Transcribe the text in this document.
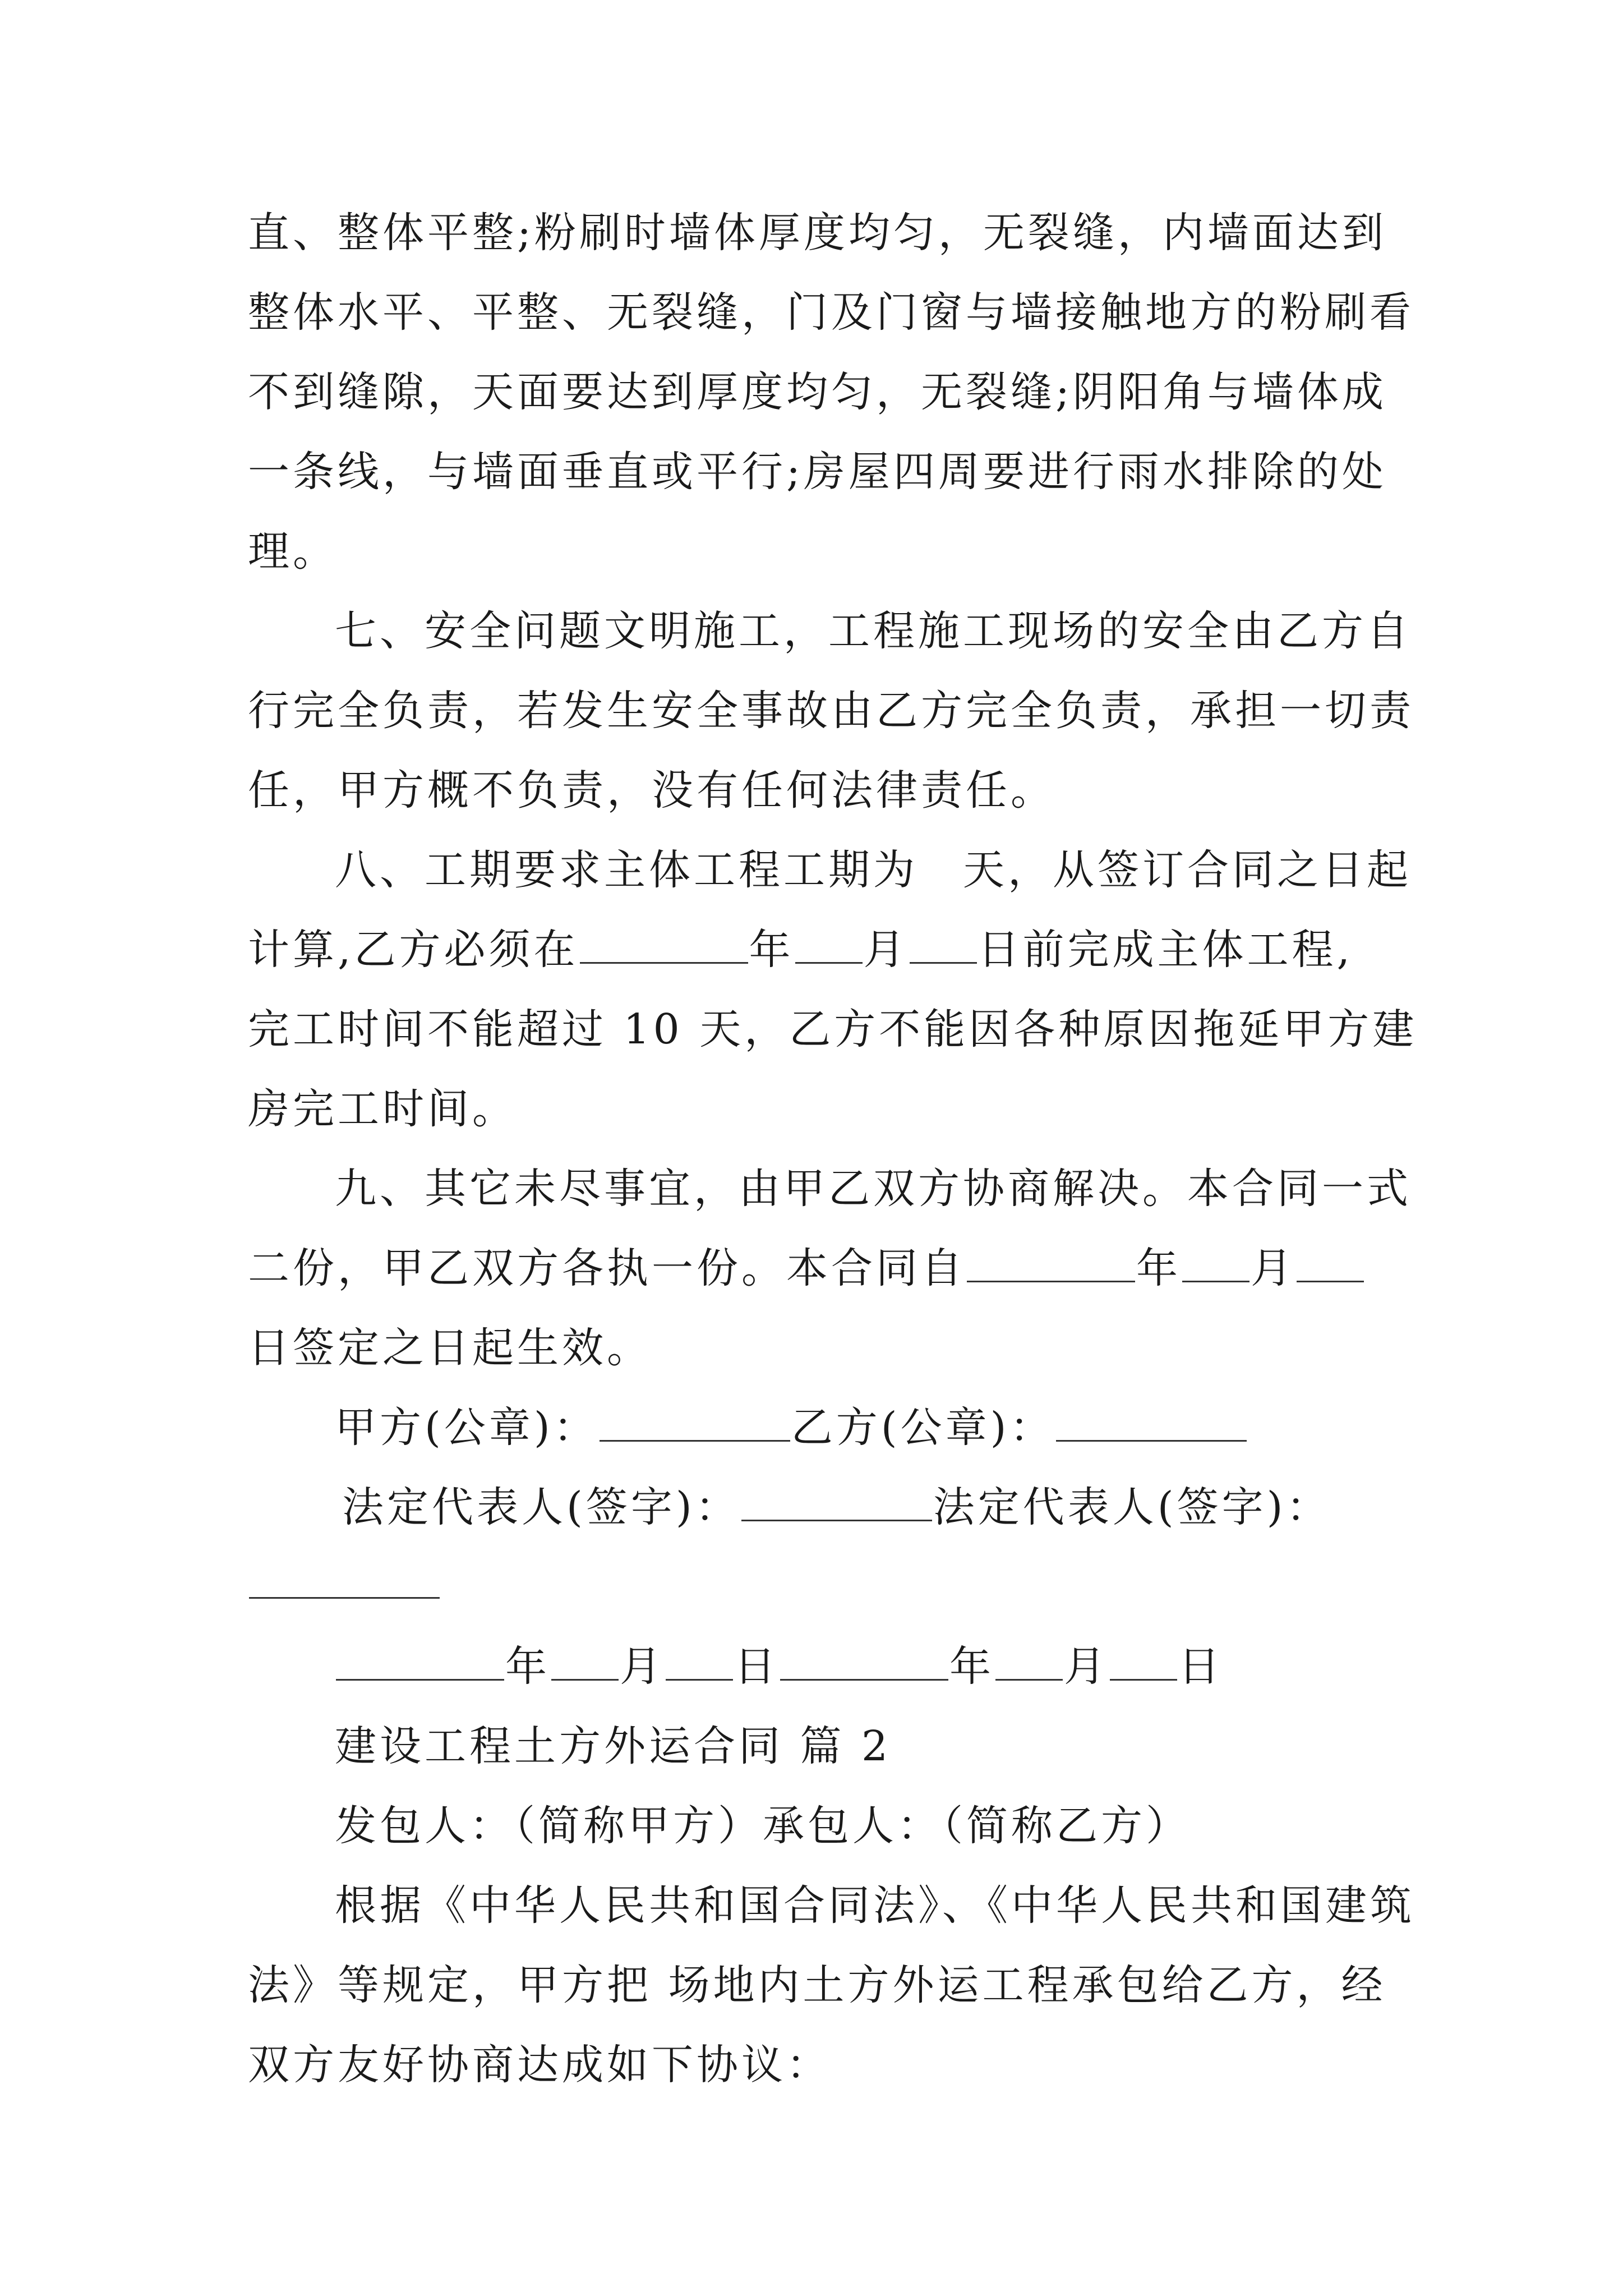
直、整体平整;粉刷时墙体厚度均匀，无裂缝，内墙面达到
整体水平、平整、无裂缝，门及门窗与墙接触地方的粉刷看
不到缝隙，天面要达到厚度均匀，无裂缝;阴阳角与墙体成
一条线，与墙面垂直或平行;房屋四周要进行雨水排除的处
理。
七、安全问题文明施工，工程施工现场的安全由乙方自
行完全负责，若发生安全事故由乙方完全负责，承担一切责
任，甲方概不负责，没有任何法律责任。
八、工期要求主体工程工期为　天，从签订合同之日起
计算,乙方必须在	年 月 日前完成主体工程,
完工时间不能超过 10 天，乙方不能因各种原因拖延甲方建
房完工时间。
九、其它未尽事宜，由甲乙双方协商解决。本合同一式
二份，甲乙双方各执一份。本合同自	年 月
日签定之日起生效。
甲方(公章)：	乙方(公章)：
法定代表人(签字)：	法定代表人(签字)：
年 月 日	年 月 日
建设工程土方外运合同 篇 2
发包人：（简称甲方）承包人：（简称乙方）
根据《中华人民共和国合同法》、《中华人民共和国建筑
法》等规定，甲方把 场地内土方外运工程承包给乙方，经
双方友好协商达成如下协议：
